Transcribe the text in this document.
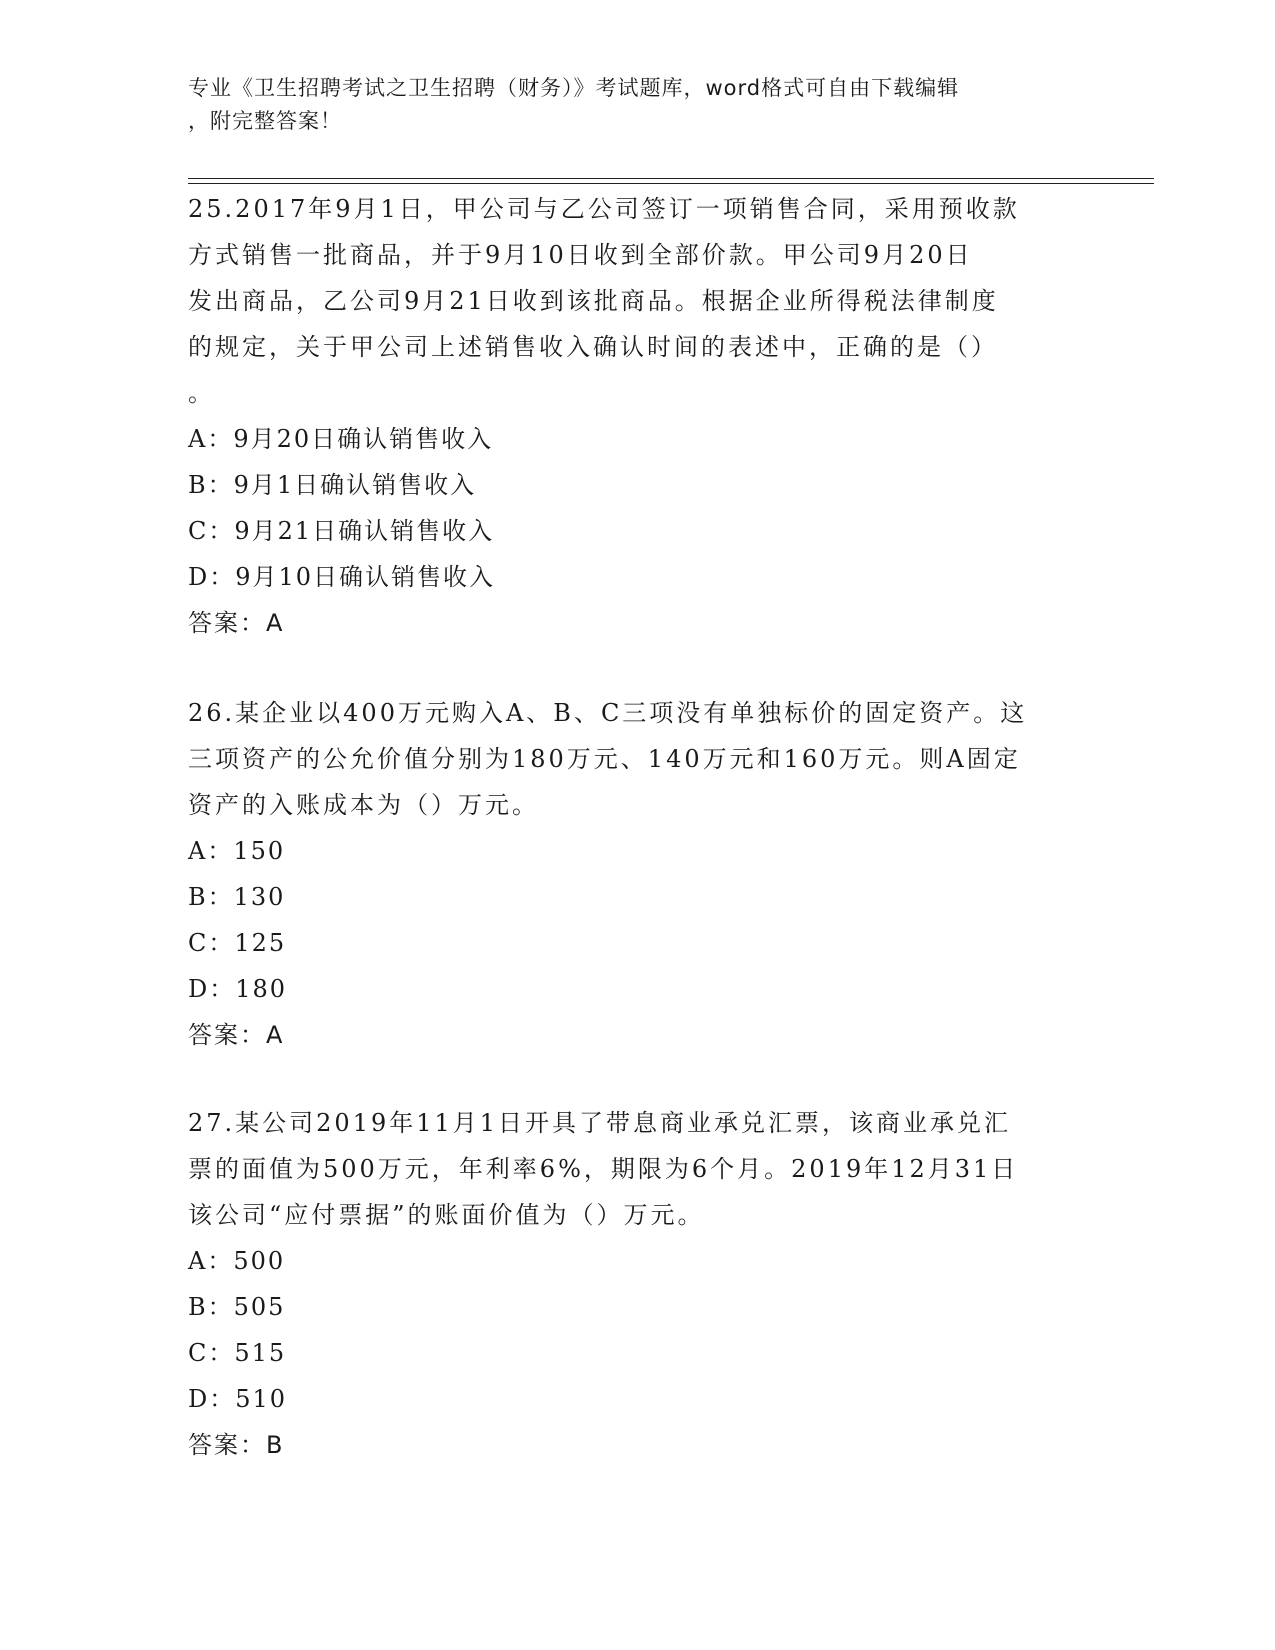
专业《卫生招聘考试之卫生招聘（财务）》考试题库，word格式可自由下载编辑
，附完整答案！
25.2017年9月1日，甲公司与乙公司签订一项销售合同，采用预收款
方式销售一批商品，并于9月10日收到全部价款。甲公司9月20日
发出商品，乙公司9月21日收到该批商品。根据企业所得税法律制度
的规定，关于甲公司上述销售收入确认时间的表述中，正确的是（）
。
A：9月20日确认销售收入
B：9月1日确认销售收入
C：9月21日确认销售收入
D：9月10日确认销售收入
答案：A
26.某企业以400万元购入A、B、C三项没有单独标价的固定资产。这
三项资产的公允价值分别为180万元、140万元和160万元。则A固定
资产的入账成本为（）万元。
A：150
B：130
C：125
D：180
答案：A
27.某公司2019年11月1日开具了带息商业承兑汇票，该商业承兑汇
票的面值为500万元，年利率6%，期限为6个月。2019年12月31日
该公司“应付票据”的账面价值为（）万元。
A：500
B：505
C：515
D：510
答案：B
